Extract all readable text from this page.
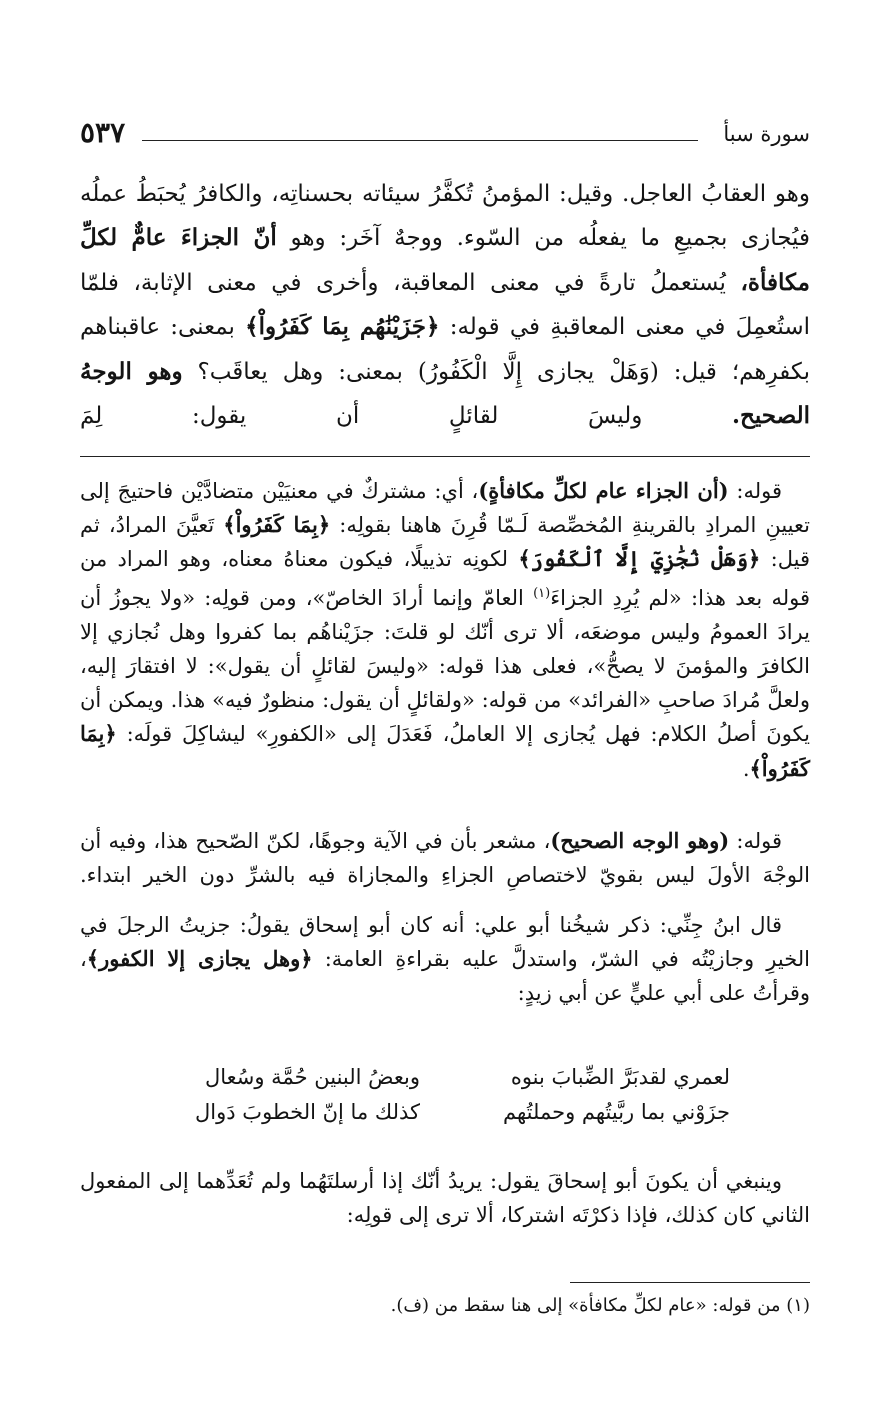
سورة سبأ
٥٣٧
وهو العقابُ العاجل. وقيل: المؤمنُ تُكفَّرُ سيئاته بحسناتِه، والكافرُ يُحبَطُ عملُه فيُجازى بجميعِ ما يفعلُه من السّوء. ووجهٌ آخَر: وهو أنّ الجزاءَ عامٌّ لكلِّ مكافأة، يُستعملُ تارةً في معنى المعاقبة، وأخرى في معنى الإثابة، فلمّا استُعمِلَ في معنى المعاقبةِ في قوله: ﴿جَزَيْنَٰهُم بِمَا كَفَرُواْ﴾ بمعنى: عاقبناهم بكفرِهم؛ قيل: (وَهَلْ يجازى إِلَّا الْكَفُورُ) بمعنى: وهل يعاقَب؟ وهو الوجهُ الصحيح. وليسَ لقائلٍ أن يقول: لِمَ
قوله: (أن الجزاء عام لكلِّ مكافأةٍ)، أي: مشتركٌ في معنيَيْن متضادَّيْن فاحتيجَ إلى تعيينِ المرادِ بالقرينةِ المُخصِّصة لَـمّا قُرِنَ هاهنا بقولِه: ﴿بِمَا كَفَرُواْ﴾ تَعيَّنَ المرادُ، ثم قيل: ﴿وَهَلْ نُجَٰزِيٓ إِلَّا ٱلْكَفُورَ﴾ لكونِه تذييلًا، فيكون معناهُ معناه، وهو المراد من قوله بعد هذا: «لم يُرِدِ الجزاءَ$^{(١)}$ العامّ وإنما أرادَ الخاصّ»، ومن قولِه: «ولا يجوزُ أن يرادَ العمومُ وليس موضعَه، ألا ترى أنّك لو قلتَ: جزَيْناهُم بما كفروا وهل نُجازي إلا الكافرَ والمؤمنَ لا يصحُّ»، فعلى هذا قوله: «وليسَ لقائلٍ أن يقول»: لا افتقارَ إليه، ولعلَّ مُرادَ صاحبِ «الفرائد» من قوله: «ولقائلٍ أن يقول: منظورٌ فيه» هذا. ويمكن أن يكونَ أصلُ الكلام: فهل يُجازى إلا العاملُ، فَعَدَلَ إلى «الكفورِ» ليشاكِلَ قولَه: ﴿بِمَا كَفَرُواْ﴾.
قوله: (وهو الوجه الصحيح)، مشعر بأن في الآية وجوهًا، لكنّ الصّحيح هذا، وفيه أن الوجْهَ الأولَ ليس بقويّ لاختصاصِ الجزاءِ والمجازاة فيه بالشرِّ دون الخير ابتداء.
قال ابنُ جِنِّي: ذكر شيخُنا أبو علي: أنه كان أبو إسحاق يقولُ: جزيتُ الرجلَ في الخيرِ وجازيْتُه في الشرّ، واستدلَّ عليه بقراءةِ العامة: ﴿وهل يجازى إلا الكفور﴾، وقرأتُ على أبي عليٍّ عن أبي زيدٍ:
لعمري لقدبَرَّ الضِّبابَ بنوه
وبعضُ البنين حُمَّة وسُعال
جزَوْني بما ربَّيتُهم وحملتُهم
كذلك ما إنّ الخطوبَ دَوال
وينبغي أن يكونَ أبو إسحاقَ يقول: يريدُ أنّك إذا أرسلتَهُما ولم تُعَدِّهما إلى المفعول الثاني كان كذلك، فإذا ذكرْتَه اشتركا، ألا ترى إلى قولِه:
(١) من قوله: «عام لكلِّ مكافأة» إلى هنا سقط من (ف).
